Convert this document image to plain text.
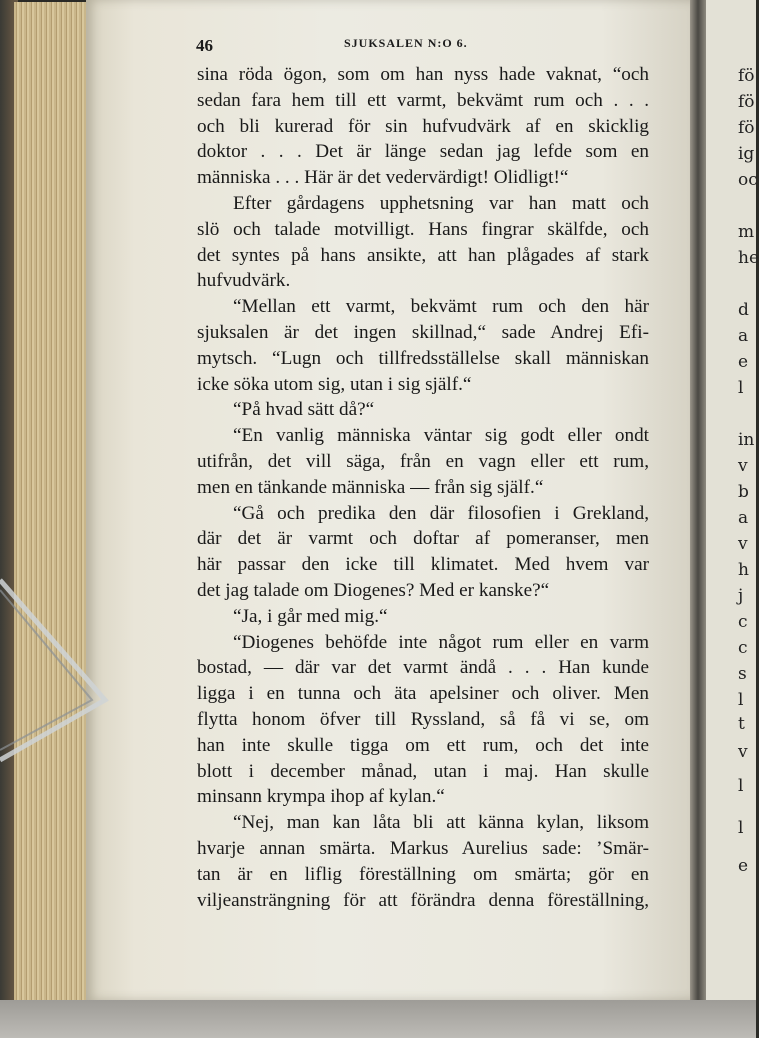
46	SJUKSALEN N:O 6.
sina röda ögon, som om han nyss hade vaknat, “och
sedan fara hem till ett varmt, bekvämt rum och . . .
och bli kurerad för sin hufvudvärk af en skicklig
doktor . . . Det är länge sedan jag lefde som en
människa . . . Här är det vedervärdigt! Olidligt!“
Efter gårdagens upphetsning var han matt och
slö och talade motvilligt. Hans fingrar skälfde, och
det syntes på hans ansikte, att han plågades af stark
hufvudvärk.
“Mellan ett varmt, bekvämt rum och den här
sjuksalen är det ingen skillnad,“ sade Andrej Efi-
mytsch. “Lugn och tillfredsställelse skall människan
icke söka utom sig, utan i sig själf.“
“På hvad sätt då?“
“En vanlig människa väntar sig godt eller ondt
utifrån, det vill säga, från en vagn eller ett rum,
men en tänkande människa — från sig själf.“
“Gå och predika den där filosofien i Grekland,
där det är varmt och doftar af pomeranser, men
här passar den icke till klimatet. Med hvem var
det jag talade om Diogenes? Med er kanske?“
“Ja, i går med mig.“
“Diogenes behöfde inte något rum eller en varm
bostad, — där var det varmt ändå . . . Han kunde
ligga i en tunna och äta apelsiner och oliver. Men
flytta honom öfver till Ryssland, så få vi se, om
han inte skulle tigga om ett rum, och det inte
blott i december månad, utan i maj. Han skulle
minsann krympa ihop af kylan.“
“Nej, man kan låta bli att känna kylan, liksom
hvarje annan smärta. Markus Aurelius sade: ’Smär-
tan är en liflig föreställning om smärta; gör en
viljeansträngning för att förändra denna föreställning,
fö
fö
fö
ig
oc
m
he
d
a
e
l
in
v
b
a
v
h
j
c
c
s
l
t
v
l
l
e
